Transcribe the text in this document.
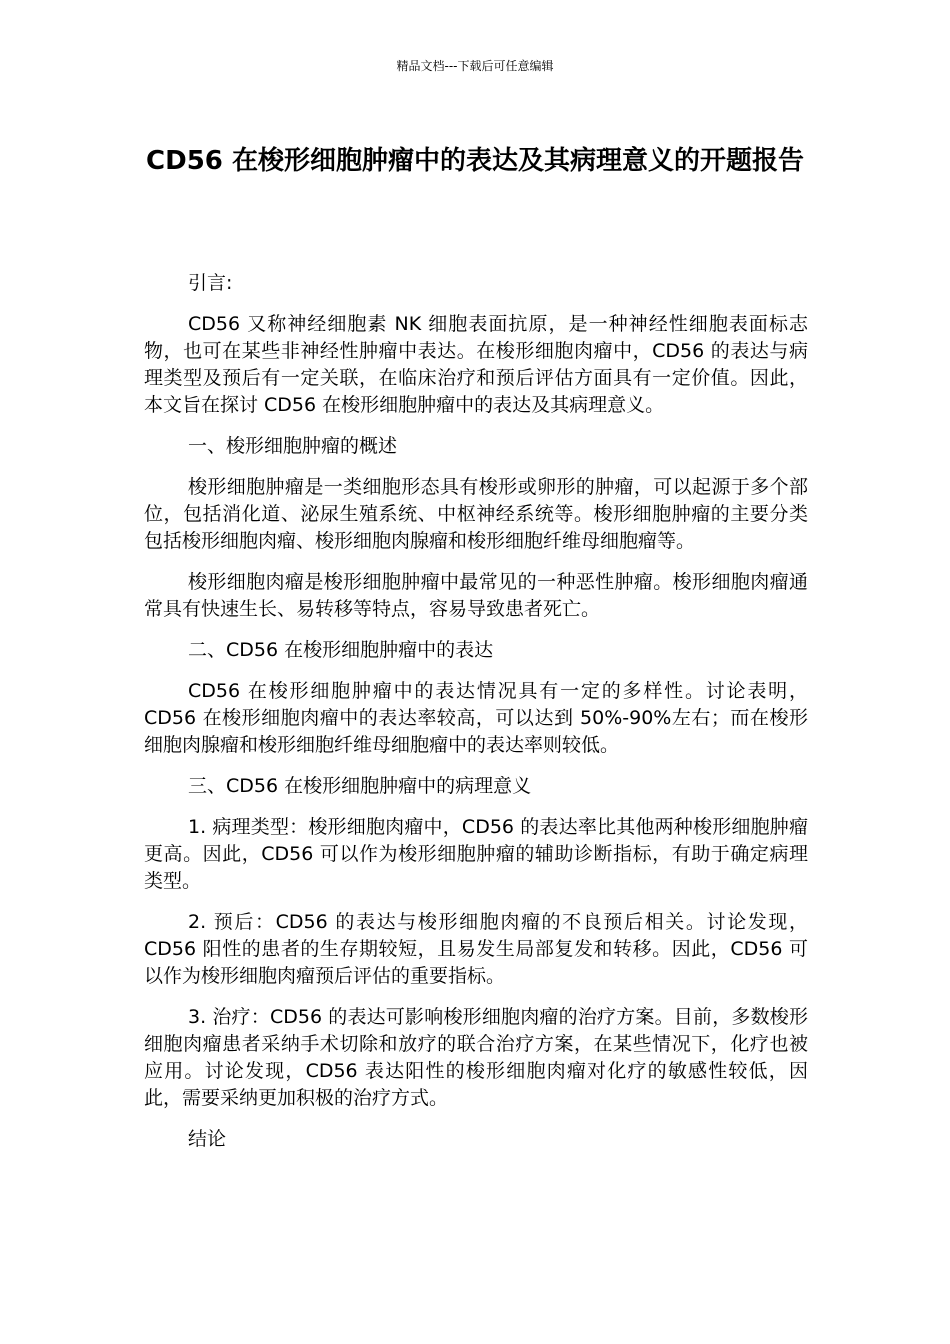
精品文档---下载后可任意编辑
CD56 在梭形细胞肿瘤中的表达及其病理意义的开题报告

引言:

CD56 又称神经细胞素 NK 细胞表面抗原，是一种神经性细胞表面标志物，也可在某些非神经性肿瘤中表达。在梭形细胞肉瘤中，CD56 的表达与病理类型及预后有一定关联，在临床治疗和预后评估方面具有一定价值。因此，本文旨在探讨 CD56 在梭形细胞肿瘤中的表达及其病理意义。

一、梭形细胞肿瘤的概述

梭形细胞肿瘤是一类细胞形态具有梭形或卵形的肿瘤，可以起源于多个部位，包括消化道、泌尿生殖系统、中枢神经系统等。梭形细胞肿瘤的主要分类包括梭形细胞肉瘤、梭形细胞肉腺瘤和梭形细胞纤维母细胞瘤等。

梭形细胞肉瘤是梭形细胞肿瘤中最常见的一种恶性肿瘤。梭形细胞肉瘤通常具有快速生长、易转移等特点，容易导致患者死亡。

二、CD56 在梭形细胞肿瘤中的表达

CD56 在梭形细胞肿瘤中的表达情况具有一定的多样性。讨论表明，CD56 在梭形细胞肉瘤中的表达率较高，可以达到 50%-90%左右；而在梭形细胞肉腺瘤和梭形细胞纤维母细胞瘤中的表达率则较低。

三、CD56 在梭形细胞肿瘤中的病理意义

1. 病理类型：梭形细胞肉瘤中，CD56 的表达率比其他两种梭形细胞肿瘤更高。因此，CD56 可以作为梭形细胞肿瘤的辅助诊断指标，有助于确定病理类型。

2. 预后：CD56 的表达与梭形细胞肉瘤的不良预后相关。讨论发现，CD56 阳性的患者的生存期较短，且易发生局部复发和转移。因此，CD56 可以作为梭形细胞肉瘤预后评估的重要指标。

3. 治疗：CD56 的表达可影响梭形细胞肉瘤的治疗方案。目前，多数梭形细胞肉瘤患者采纳手术切除和放疗的联合治疗方案，在某些情况下，化疗也被应用。讨论发现，CD56 表达阳性的梭形细胞肉瘤对化疗的敏感性较低，因此，需要采纳更加积极的治疗方式。

结论
